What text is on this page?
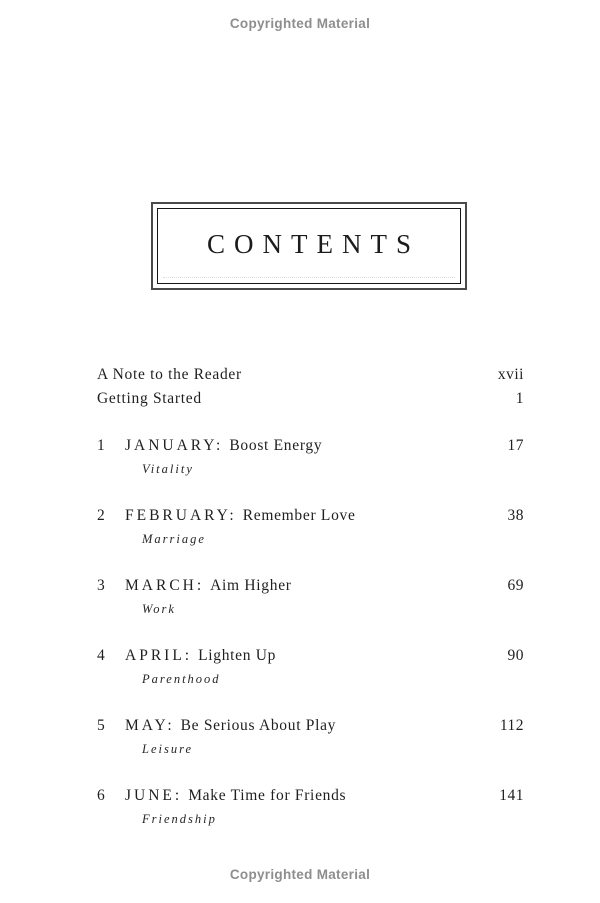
Copyrighted Material
CONTENTS
A Note to the Reader	xvii
Getting Started	1
1	JANUARY: Boost Energy	17
Vitality
2	FEBRUARY: Remember Love	38
Marriage
3	MARCH: Aim Higher	69
Work
4	APRIL: Lighten Up	90
Parenthood
5	MAY: Be Serious About Play	112
Leisure
6	JUNE: Make Time for Friends	141
Friendship
Copyrighted Material
